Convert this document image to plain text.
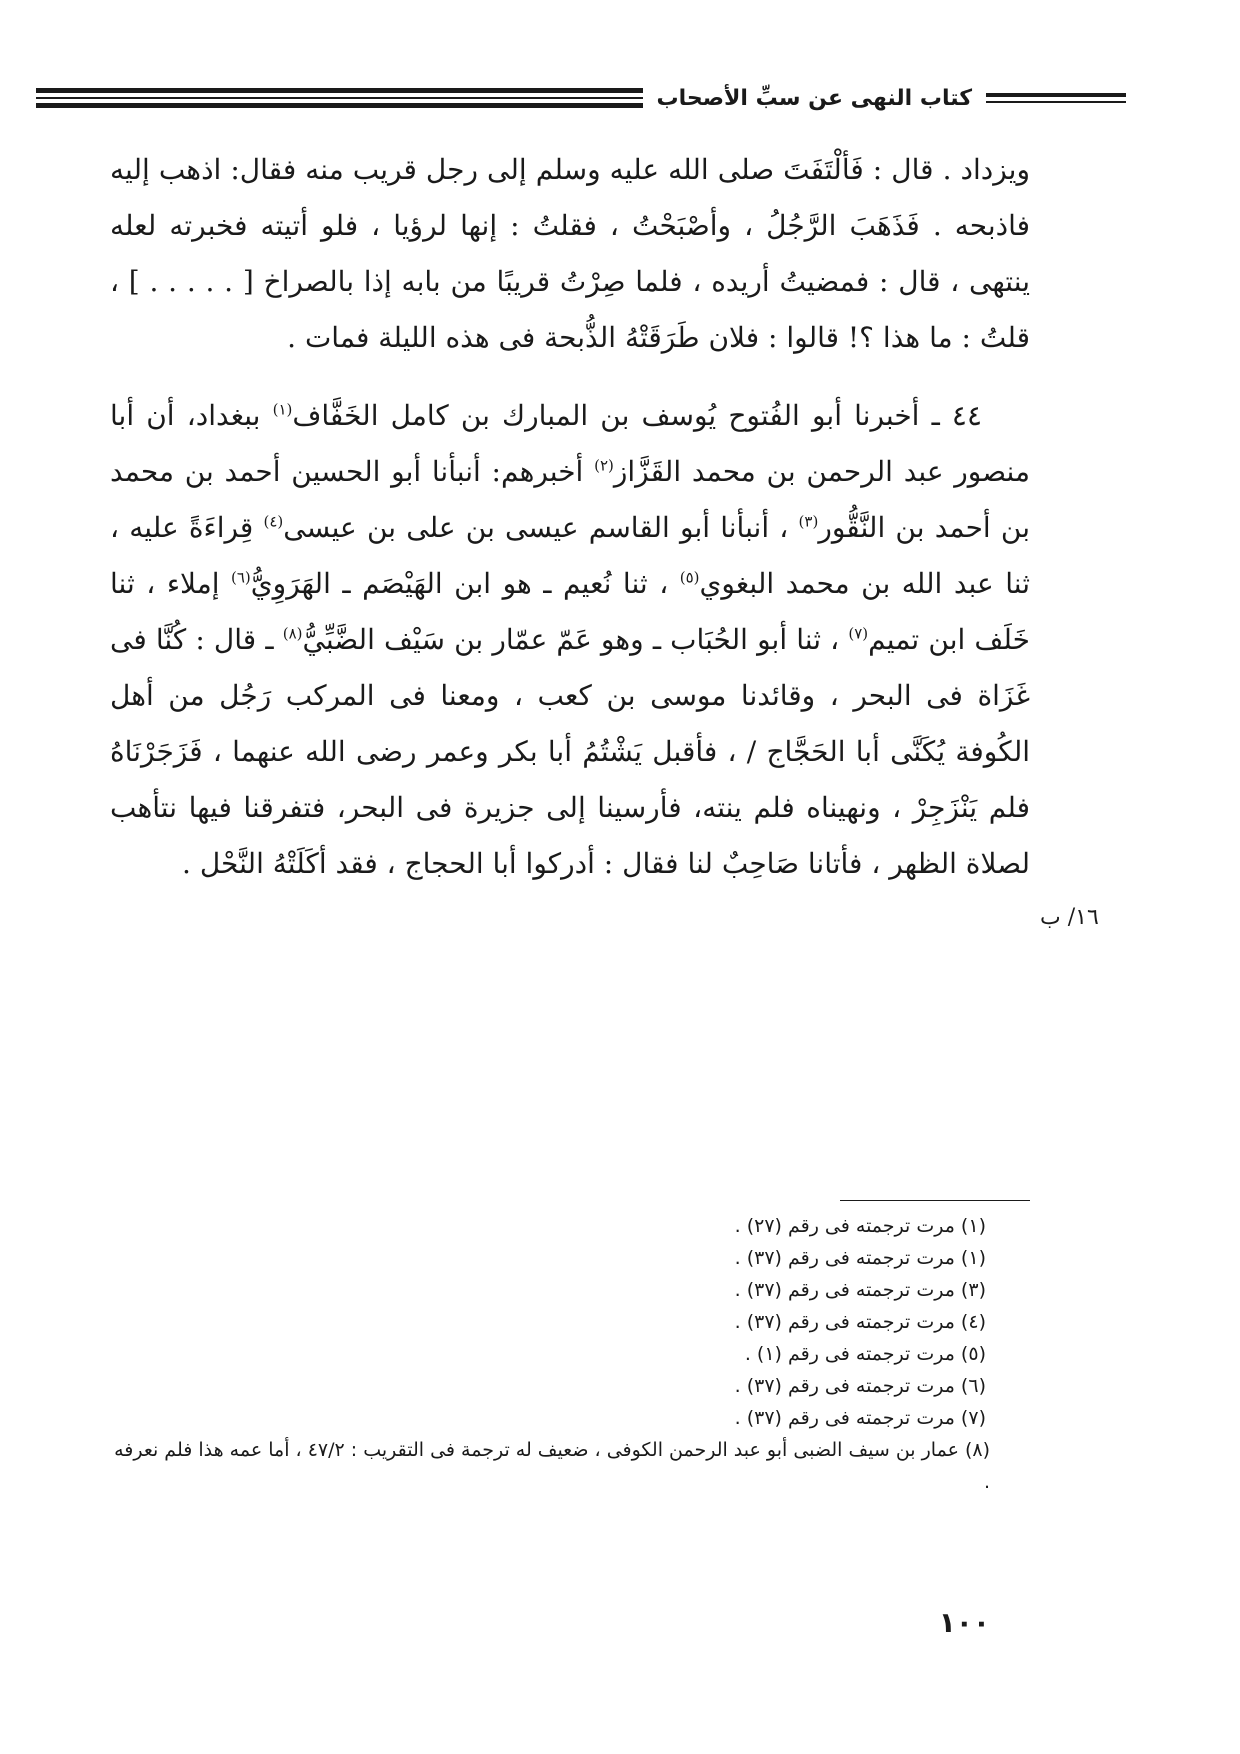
كتاب النهى عن سبِّ الأصحاب

ويزداد . قال : فَألْتَفَتَ صلى الله عليه وسلم إلى رجل قريب منه فقال: اذهب إليه فاذبحه . فَذَهَبَ الرَّجُلُ ، وأصْبَحْتُ ، فقلتُ : إنها لرؤيا ، فلو أتيته فخبرته لعله ينتهى ، قال : فمضيتُ أريده ، فلما صِرْتُ قريبًا من بابه إذا بالصراخ [ . . . . . ] ، قلتُ : ما هذا ؟! قالوا : فلان طَرَقَتْهُ الذُّبحة فى هذه الليلة فمات .

٤٤ ـ أخبرنا أبو الفُتوح يُوسف بن المبارك بن كامل الخَفَّاف$^{(١)}$ ببغداد، أن أبا منصور عبد الرحمن بن محمد القَزَّاز$^{(٢)}$ أخبرهم: أنبأنا أبو الحسين أحمد بن محمد بن أحمد بن النَّقُّور$^{(٣)}$ ، أنبأنا أبو القاسم عيسى بن على بن عيسى$^{(٤)}$ قِراءَةً عليه ، ثنا عبد الله بن محمد البغوي$^{(٥)}$ ، ثنا نُعيم ـ هو ابن الهَيْصَم ـ الهَرَوِيُّ$^{(٦)}$ إملاء ، ثنا خَلَف ابن تميم$^{(٧)}$ ، ثنا أبو الحُبَاب ـ وهو عَمّ عمّار بن سَيْف الضَّبِّيُّ$^{(٨)}$ ـ قال : كُنَّا فى غَزَاة فى البحر ، وقائدنا موسى بن كعب ، ومعنا فى المركب رَجُل من أهل الكُوفة يُكَنَّى أبا الحَجَّاج / ، فأقبل يَشْتُمُ أبا بكر وعمر رضى الله عنهما ، فَزَجَرْنَاهُ فلم يَنْزَجِرْ ، ونهيناه فلم ينته، فأرسينا إلى جزيرة فى البحر، فتفرقنا فيها نتأهب لصلاة الظهر ، فأتانا صَاحِبٌ لنا فقال : أدركوا أبا الحجاج ، فقد أكَلَتْهُ النَّحْل .

١٦/ ب
(١) مرت ترجمته فى رقم (٢٧) .
(١) مرت ترجمته فى رقم (٣٧) .
(٣) مرت ترجمته فى رقم (٣٧) .
(٤) مرت ترجمته فى رقم (٣٧) .
(٥) مرت ترجمته فى رقم (١) .
(٦) مرت ترجمته فى رقم (٣٧) .
(٧) مرت ترجمته فى رقم (٣٧) .
(٨) عمار بن سيف الضبى أبو عبد الرحمن الكوفى ، ضعيف له ترجمة فى التقريب : ٤٧/٢ ، أما عمه هذا فلم نعرفه .
١٠٠
